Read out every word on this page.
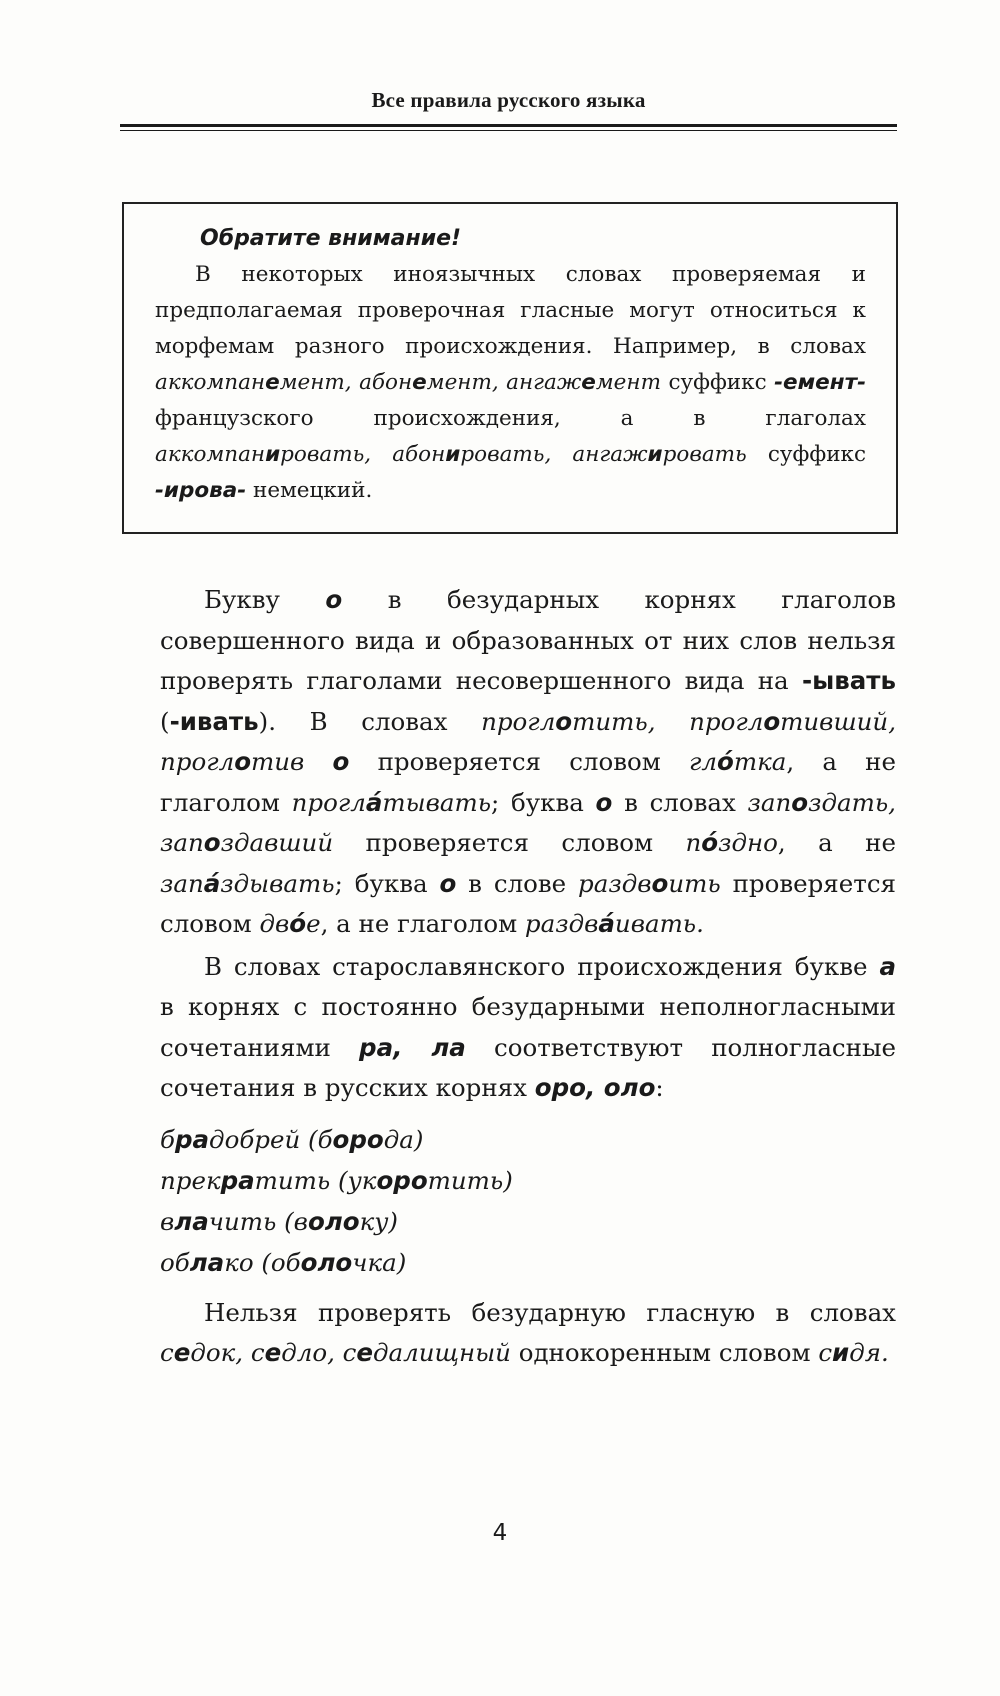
Все правила русского языка
Обратите внимание!

В некоторых иноязычных словах проверяемая и предполагаемая проверочная гласные могут относиться к морфемам разного происхождения. Например, в словах аккомпанемент, абонемент, ангажемент суффикс -емент- французского происхождения, а в глаголах аккомпанировать, абонировать, ангажировать суффикс -ирова- немецкий.

Букву о в безударных корнях глаголов совершенного вида и образованных от них слов нельзя проверять глаголами несовершенного вида на -ывать (-ивать). В словах проглотить, проглотивший, проглотив о проверяется словом гло́тка, а не глаголом прогла́тывать; буква о в словах запоздать, запоздавший проверяется словом по́здно, а не запа́здывать; буква о в слове раздвоить проверяется словом дво́е, а не глаголом раздва́ивать.

В словах старославянского происхождения букве а в корнях с постоянно безударными неполногласными сочетаниями ра, ла соответствуют полногласные сочетания в русских корнях оро, оло:

брадобрей (борода)
прекратить (укоротить)
влачить (волоку)
облако (оболочка)

Нельзя проверять безударную гласную в словах седок, седло, седалищный однокоренным словом сидя.

4
